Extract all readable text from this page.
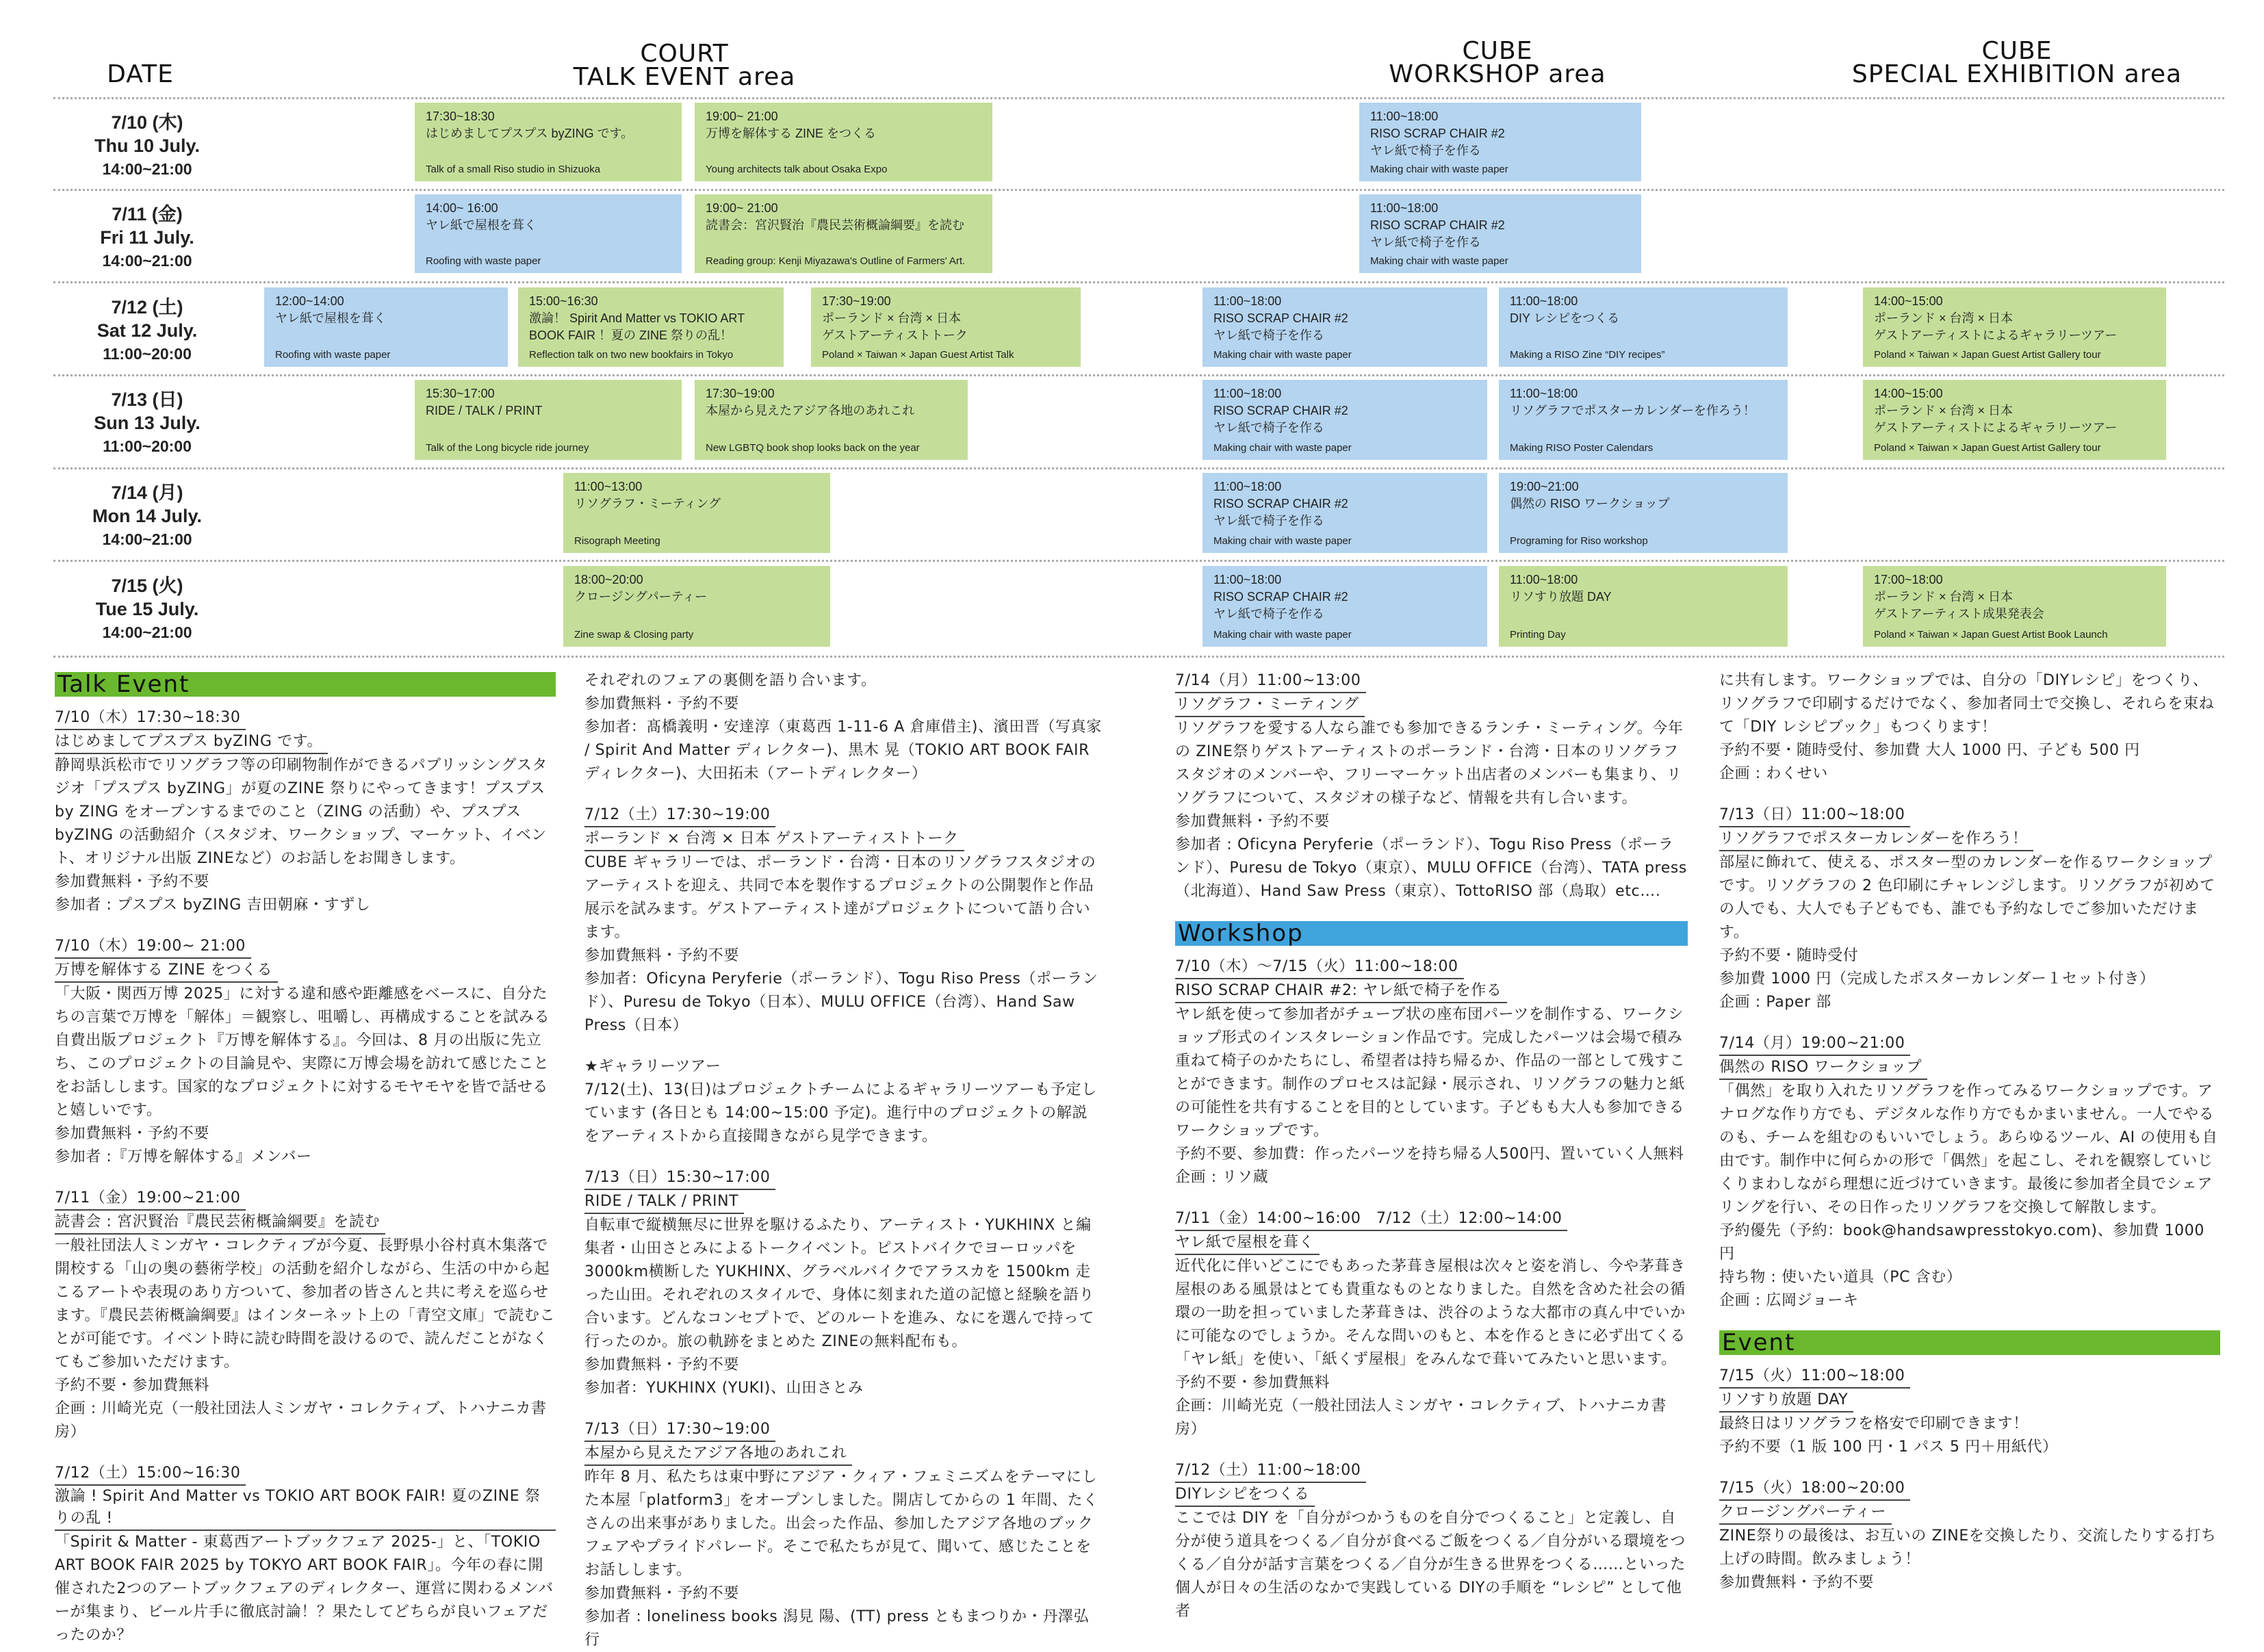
DATE
COURT
TALK EVENT area
CUBE
WORKSHOP area
CUBE
SPECIAL EXHIBITION area
7/10 (木)
Thu 10 July.
14:00~21:00
17:30~18:30
はじめましてプスプス byZING です。
Talk of a small Riso studio in Shizuoka
19:00~ 21:00
万博を解体する ZINE をつくる
Young architects talk about Osaka Expo
11:00~18:00
RISO SCRAP CHAIR #2
ヤレ紙で椅子を作る
Making chair with waste paper
7/11 (金)
Fri 11 July.
14:00~21:00
14:00~ 16:00
ヤレ紙で屋根を葺く
Roofing with waste paper
19:00~ 21:00
読書会：宮沢賢治『農民芸術概論綱要』を読む
Reading group: Kenji Miyazawa's Outline of Farmers' Art.
11:00~18:00
RISO SCRAP CHAIR #2
ヤレ紙で椅子を作る
Making chair with waste paper
7/12 (土)
Sat 12 July.
11:00~20:00
12:00~14:00
ヤレ紙で屋根を葺く
Roofing with waste paper
15:00~16:30
激論！ Spirit And Matter vs TOKIO ART
BOOK FAIR ！夏の ZINE 祭りの乱！
Reflection talk on two new bookfairs in Tokyo
17:30~19:00
ポーランド × 台湾 × 日本
ゲストアーティストトーク
Poland × Taiwan × Japan Guest Artist Talk
11:00~18:00
RISO SCRAP CHAIR #2
ヤレ紙で椅子を作る
Making chair with waste paper
11:00~18:00
DIY レシピをつくる
Making a RISO Zine “DIY recipes”
14:00~15:00
ポーランド × 台湾 × 日本
ゲストアーティストによるギャラリーツアー
Poland × Taiwan × Japan Guest Artist Gallery tour
7/13 (日)
Sun 13 July.
11:00~20:00
15:30~17:00
RIDE / TALK / PRINT
Talk of the Long bicycle ride journey
17:30~19:00
本屋から見えたアジア各地のあれこれ
New LGBTQ book shop looks back on the year
11:00~18:00
RISO SCRAP CHAIR #2
ヤレ紙で椅子を作る
Making chair with waste paper
11:00~18:00
リソグラフでポスターカレンダーを作ろう！
Making RISO Poster Calendars
14:00~15:00
ポーランド × 台湾 × 日本
ゲストアーティストによるギャラリーツアー
Poland × Taiwan × Japan Guest Artist Gallery tour
7/14 (月)
Mon 14 July.
14:00~21:00
11:00~13:00
リソグラフ・ミーティング
Risograph Meeting
11:00~18:00
RISO SCRAP CHAIR #2
ヤレ紙で椅子を作る
Making chair with waste paper
19:00~21:00
偶然の RISO ワークショップ
Programing for Riso workshop
7/15 (火)
Tue 15 July.
14:00~21:00
18:00~20:00
クロージングパーティー
Zine swap & Closing party
11:00~18:00
RISO SCRAP CHAIR #2
ヤレ紙で椅子を作る
Making chair with waste paper
11:00~18:00
リソすり放題 DAY
Printing Day
17:00~18:00
ポーランド × 台湾 × 日本
ゲストアーティスト成果発表会
Poland × Taiwan × Japan Guest Artist Book Launch
Talk Event
7/10（木）17:30~18:30
はじめましてプスプス byZING です。
静岡県浜松市でリソグラフ等の印刷物制作ができるパブリッシングスタジオ「プスプス byZING」が夏のZINE 祭りにやってきます！プスプス by ZING をオープンするまでのこと（ZING の活動）や、プスプス byZING の活動紹介（スタジオ、ワークショップ、マーケット、イベント、オリジナル出版 ZINEなど）のお話しをお聞きします。
参加費無料・予約不要
参加者 : プスプス byZING 吉田朝麻・すずし
7/10（木）19:00~ 21:00
万博を解体する ZINE をつくる
「大阪・関西万博 2025」に対する違和感や距離感をベースに、自分たちの言葉で万博を「解体」＝観察し、咀嚼し、再構成することを試みる自費出版プロジェクト『万博を解体する』。今回は、8 月の出版に先立ち、このプロジェクトの目論見や、実際に万博会場を訪れて感じたことをお話しします。国家的なプロジェクトに対するモヤモヤを皆で話せると嬉しいです。
参加費無料・予約不要
参加者 :『万博を解体する』メンバー
7/11（金）19:00~21:00
読書会 : 宮沢賢治『農民芸術概論綱要』を読む
一般社団法人ミンガヤ・コレクティブが今夏、長野県小谷村真木集落で開校する「山の奥の藝術学校」の活動を紹介しながら、生活の中から起こるアートや表現のあり方ついて、参加者の皆さんと共に考えを巡らせます。『農民芸術概論綱要』はインターネット上の「青空文庫」で読むことが可能です。イベント時に読む時間を設けるので、読んだことがなくてもご参加いただけます。
予約不要・参加費無料
企画 : 川崎光克（一般社団法人ミンガヤ・コレクティブ、トハナニカ書房）
7/12（土）15:00~16:30
激論 ! Spirit And Matter vs TOKIO ART BOOK FAIR! 夏のZINE 祭りの乱 !
「Spirit & Matter - 東葛西アートブックフェア 2025-」と、「TOKIO ART BOOK FAIR 2025 by TOKYO ART BOOK FAIR」。今年の春に開催された2つのアートブックフェアのディレクター、運営に関わるメンバーが集まり、ビール片手に徹底討論！？果たしてどちらが良いフェアだったのか？
それぞれのフェアの裏側を語り合います。
参加費無料・予約不要
参加者：髙橋義明・安達淳（東葛西 1-11-6 A 倉庫借主)、濱田晋（写真家 / Spirit And Matter ディレクター)、黒木 晃（TOKIO ART BOOK FAIR ディレクター)、大田拓未（アートディレクター）
7/12（土）17:30~19:00
ポーランド × 台湾 × 日本 ゲストアーティストトーク
CUBE ギャラリーでは、ポーランド・台湾・日本のリソグラフスタジオのアーティストを迎え、共同で本を製作するプロジェクトの公開製作と作品展示を試みます。ゲストアーティスト達がプロジェクトについて語り合います。
参加費無料・予約不要
参加者：Oficyna Peryferie（ポーランド）、Togu Riso Press（ポーランド）、Puresu de Tokyo（日本）、MULU OFFICE（台湾）、Hand Saw Press（日本）
★ギャラリーツアー
7/12(土)、13(日)はプロジェクトチームによるギャラリーツアーも予定しています (各日とも 14:00~15:00 予定)。進行中のプロジェクトの解説をアーティストから直接聞きながら見学できます。
7/13（日）15:30~17:00
RIDE / TALK / PRINT
自転車で縦横無尽に世界を駆けるふたり、アーティスト・YUKHINX と編集者・山田さとみによるトークイベント。ピストバイクでヨーロッパを3000km横断した YUKHINX、グラベルバイクでアラスカを 1500km 走った山田。それぞれのスタイルで、身体に刻まれた道の記憶と経験を語り合います。どんなコンセプトで、どのルートを進み、なにを選んで持って行ったのか。旅の軌跡をまとめた ZINEの無料配布も。
参加費無料・予約不要
参加者：YUKHINX (YUKI)、山田さとみ
7/13（日）17:30~19:00
本屋から見えたアジア各地のあれこれ
昨年 8 月、私たちは東中野にアジア・クィア・フェミニズムをテーマにした本屋「platform3」をオープンしました。開店してからの 1 年間、たくさんの出来事がありました。出会った作品、参加したアジア各地のブックフェアやプライドパレード。そこで私たちが見て、聞いて、感じたことをお話しします。
参加費無料・予約不要
参加者 : loneliness books 潟見 陽、(TT) press ともまつりか・丹澤弘行
7/14（月）11:00~13:00
リソグラフ・ミーティング
リソグラフを愛する人なら誰でも参加できるランチ・ミーティング。今年の ZINE祭りゲストアーティストのポーランド・台湾・日本のリソグラフスタジオのメンバーや、フリーマーケット出店者のメンバーも集まり、リソグラフについて、スタジオの様子など、情報を共有し合います。
参加費無料・予約不要
参加者 : Oficyna Peryferie（ポーランド）、Togu Riso Press（ポーランド）、Puresu de Tokyo（東京）、MULU OFFICE（台湾）、TATA press（北海道）、Hand Saw Press（東京）、TottoRISO 部（鳥取）etc….
Workshop
7/10（木）〜7/15（火）11:00~18:00
RISO SCRAP CHAIR #2: ヤレ紙で椅子を作る
ヤレ紙を使って参加者がチューブ状の座布団パーツを制作する、ワークショップ形式のインスタレーション作品です。完成したパーツは会場で積み重ねて椅子のかたちにし、希望者は持ち帰るか、作品の一部として残すことができます。制作のプロセスは記録・展示され、リソグラフの魅力と紙の可能性を共有することを目的としています。子どもも大人も参加できるワークショップです。
予約不要、参加費：作ったパーツを持ち帰る人500円、置いていく人無料
企画 : リソ蔵
7/11（金）14:00~16:00　7/12（土）12:00~14:00
ヤレ紙で屋根を葺く
近代化に伴いどこにでもあった茅葺き屋根は次々と姿を消し、今や茅葺き屋根のある風景はとても貴重なものとなりました。自然を含めた社会の循環の一助を担っていました茅葺きは、渋谷のような大都市の真ん中でいかに可能なのでしょうか。そんな問いのもと、本を作るときに必ず出てくる「ヤレ紙」を使い、「紙くず屋根」をみんなで葺いてみたいと思います。
予約不要・参加費無料
企画：川崎光克（一般社団法人ミンガヤ・コレクティブ、トハナニカ書房）
7/12（土）11:00~18:00
DIYレシピをつくる
ここでは DIY を「自分がつかうものを自分でつくること」と定義し、自分が使う道具をつくる／自分が食べるご飯をつくる／自分がいる環境をつくる／自分が話す言葉をつくる／自分が生きる世界をつくる……といった個人が日々の生活のなかで実践している DIYの手順を “レシピ” として他者
に共有します。ワークショップでは、自分の「DIYレシピ」をつくり、リソグラフで印刷するだけでなく、参加者同士で交換し、それらを束ねて「DIY レシピブック」もつくります！
予約不要・随時受付、参加費 大人 1000 円、子ども 500 円
企画 : わくせい
7/13（日）11:00~18:00
リソグラフでポスターカレンダーを作ろう！
部屋に飾れて、使える、ポスター型のカレンダーを作るワークショップです。リソグラフの 2 色印刷にチャレンジします。リソグラフが初めての人でも、大人でも子どもでも、誰でも予約なしでご参加いただけます。
予約不要・随時受付
参加費 1000 円（完成したポスターカレンダー１セット付き）
企画 : Paper 部
7/14（月）19:00~21:00
偶然の RISO ワークショップ
「偶然」を取り入れたリソグラフを作ってみるワークショップです。アナログな作り方でも、デジタルな作り方でもかまいません。一人でやるのも、チームを組むのもいいでしょう。あらゆるツール、AI の使用も自由です。制作中に何らかの形で「偶然」を起こし、それを観察していじくりまわしながら理想に近づけていきます。最後に参加者全員でシェアリングを行い、その日作ったリソグラフを交換して解散します。
予約優先（予約：book@handsawpresstokyo.com)、参加費 1000 円
持ち物 : 使いたい道具（PC 含む）
企画 : 広岡ジョーキ
Event
7/15（火）11:00~18:00
リソすり放題 DAY
最終日はリソグラフを格安で印刷できます！
予約不要（1 版 100 円・1 パス 5 円＋用紙代）
7/15（火）18:00~20:00
クロージングパーティー
ZINE祭りの最後は、お互いの ZINEを交換したり、交流したりする打ち上げの時間。飲みましょう！
参加費無料・予約不要
